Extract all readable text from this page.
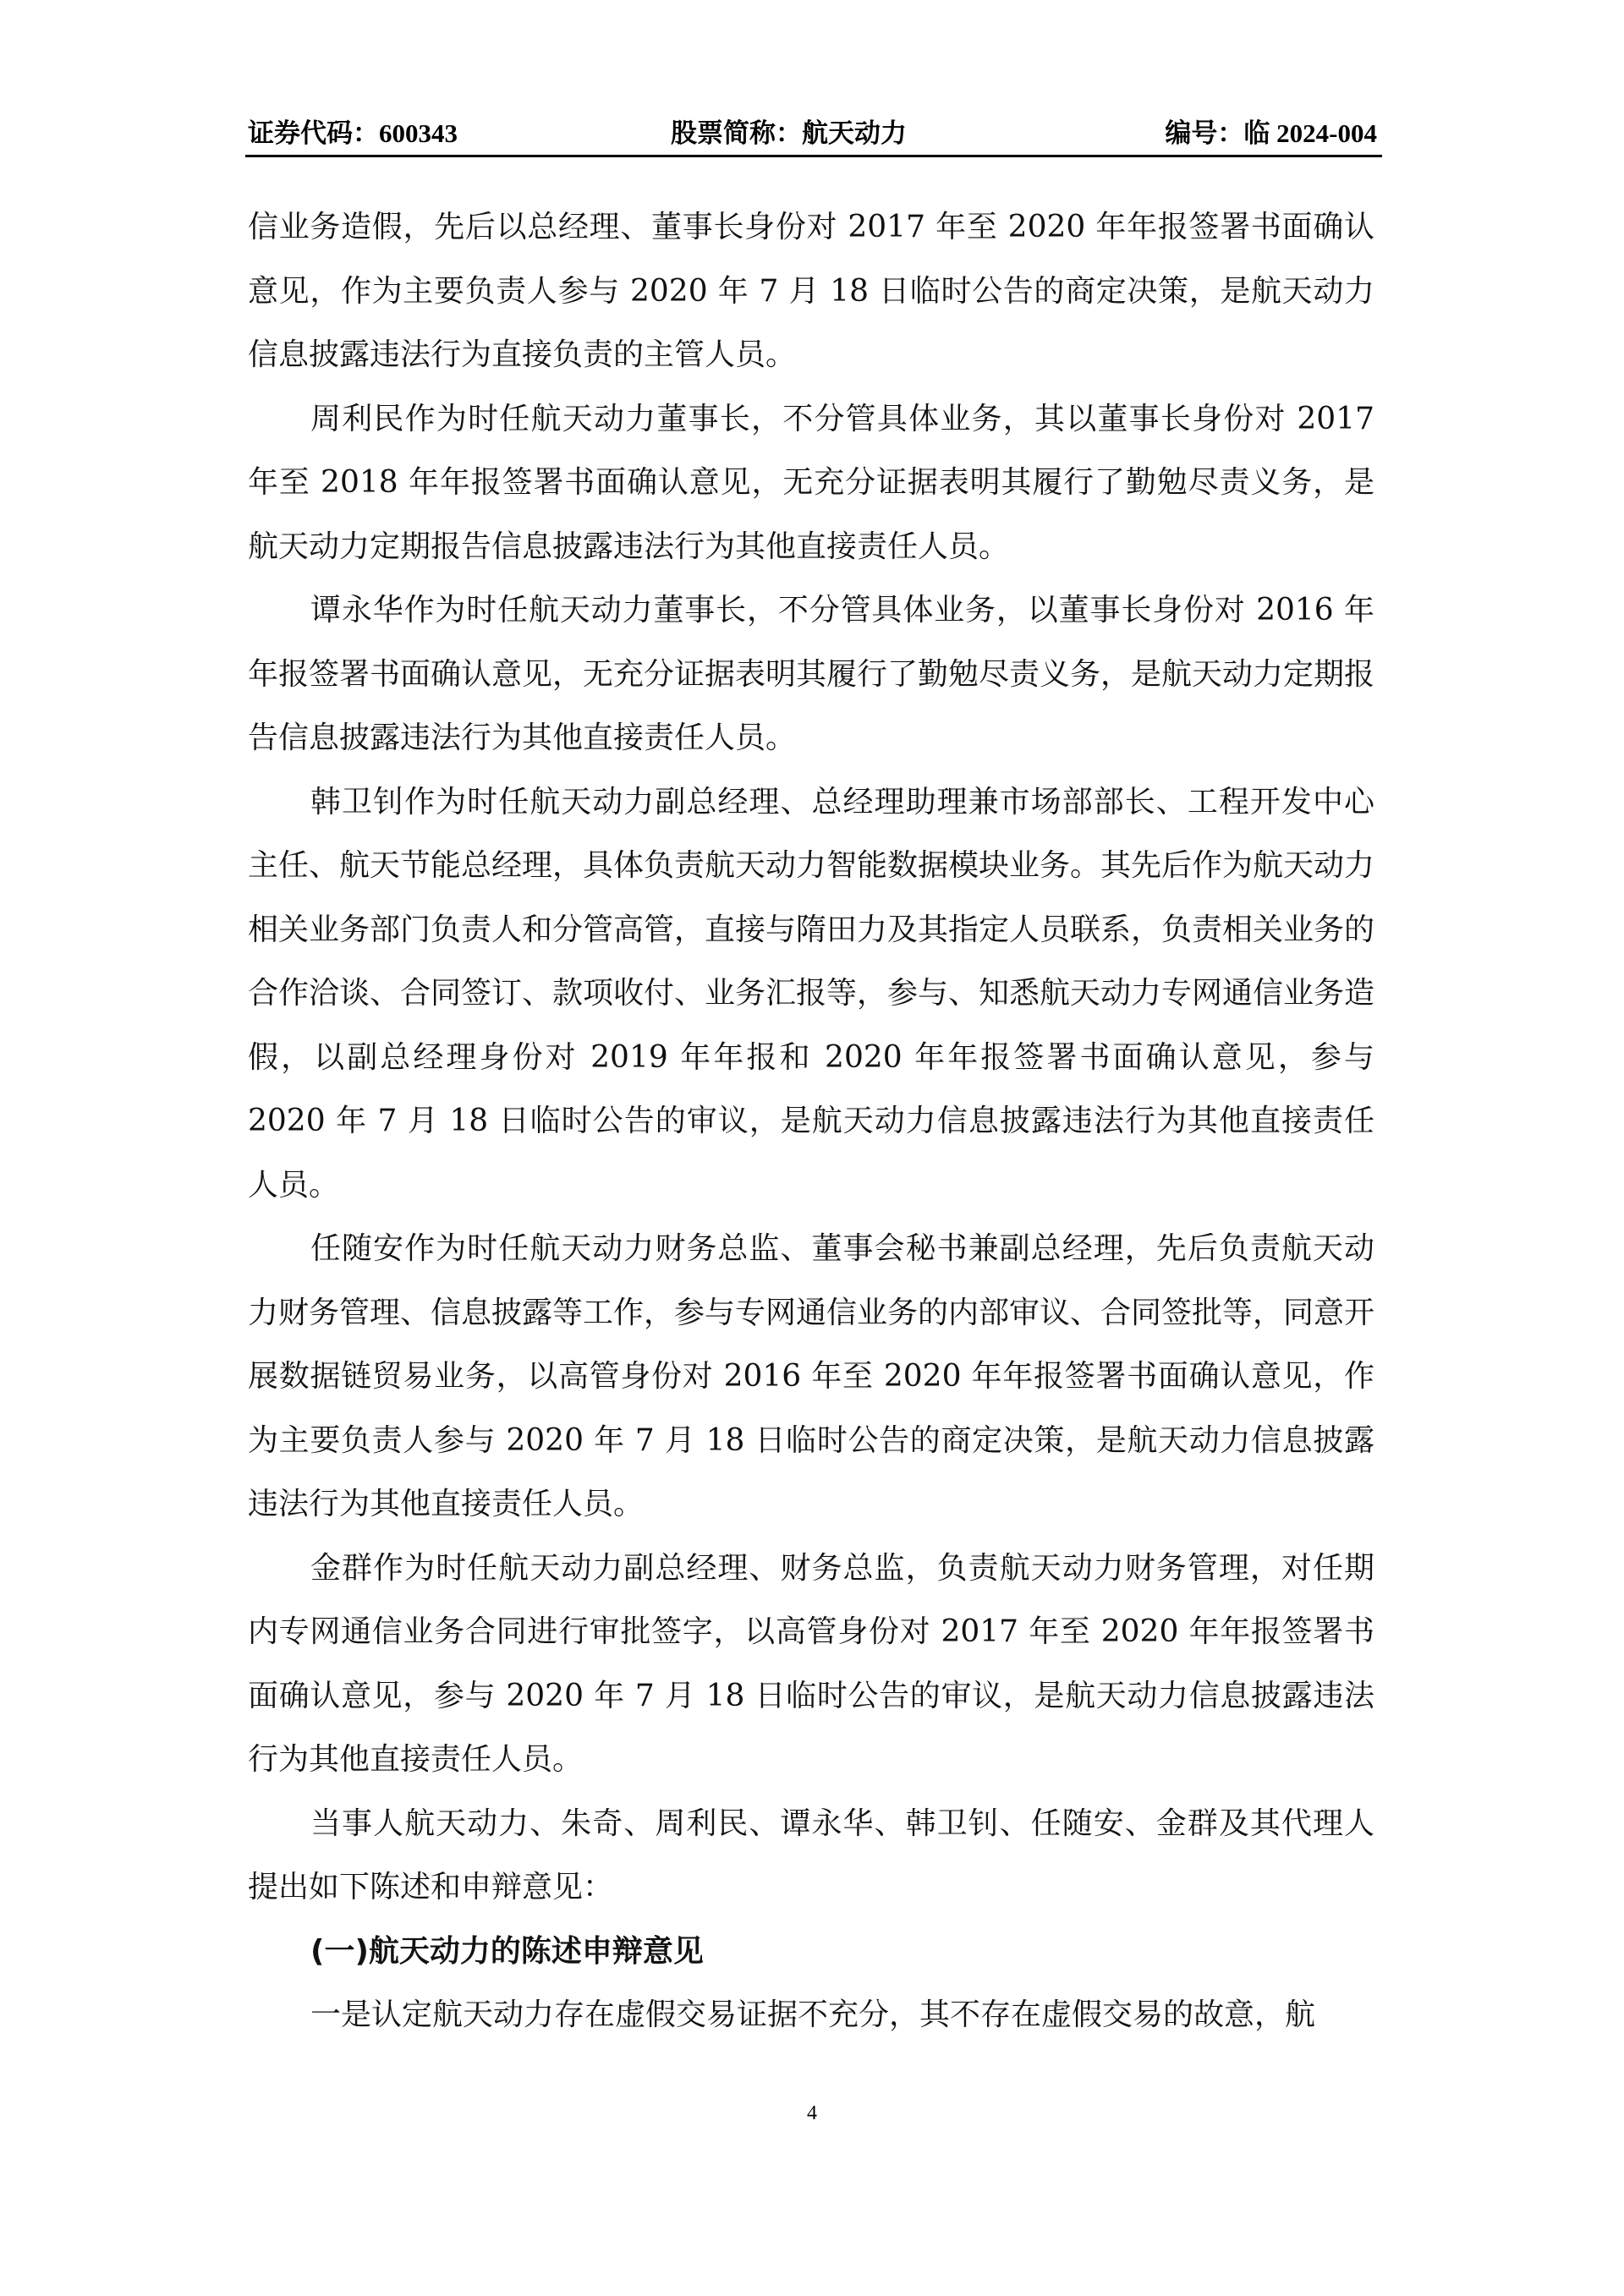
证券代码：600343	股票简称：航天动力	编号：临 2024-004

信业务造假，先后以总经理、董事长身份对 2017 年至 2020 年年报签署书面确认意见，作为主要负责人参与 2020 年 7 月 18 日临时公告的商定决策，是航天动力信息披露违法行为直接负责的主管人员。

周利民作为时任航天动力董事长，不分管具体业务，其以董事长身份对 2017 年至 2018 年年报签署书面确认意见，无充分证据表明其履行了勤勉尽责义务，是航天动力定期报告信息披露违法行为其他直接责任人员。

谭永华作为时任航天动力董事长，不分管具体业务，以董事长身份对 2016 年年报签署书面确认意见，无充分证据表明其履行了勤勉尽责义务，是航天动力定期报告信息披露违法行为其他直接责任人员。

韩卫钊作为时任航天动力副总经理、总经理助理兼市场部部长、工程开发中心主任、航天节能总经理，具体负责航天动力智能数据模块业务。其先后作为航天动力相关业务部门负责人和分管高管，直接与隋田力及其指定人员联系，负责相关业务的合作洽谈、合同签订、款项收付、业务汇报等，参与、知悉航天动力专网通信业务造假，以副总经理身份对 2019 年年报和 2020 年年报签署书面确认意见，参与 2020 年 7 月 18 日临时公告的审议，是航天动力信息披露违法行为其他直接责任人员。

任随安作为时任航天动力财务总监、董事会秘书兼副总经理，先后负责航天动力财务管理、信息披露等工作，参与专网通信业务的内部审议、合同签批等，同意开展数据链贸易业务，以高管身份对 2016 年至 2020 年年报签署书面确认意见，作为主要负责人参与 2020 年 7 月 18 日临时公告的商定决策，是航天动力信息披露违法行为其他直接责任人员。

金群作为时任航天动力副总经理、财务总监，负责航天动力财务管理，对任期内专网通信业务合同进行审批签字，以高管身份对 2017 年至 2020 年年报签署书面确认意见，参与 2020 年 7 月 18 日临时公告的审议，是航天动力信息披露违法行为其他直接责任人员。

当事人航天动力、朱奇、周利民、谭永华、韩卫钊、任随安、金群及其代理人提出如下陈述和申辩意见：

(一)航天动力的陈述申辩意见

一是认定航天动力存在虚假交易证据不充分，其不存在虚假交易的故意，航

4
